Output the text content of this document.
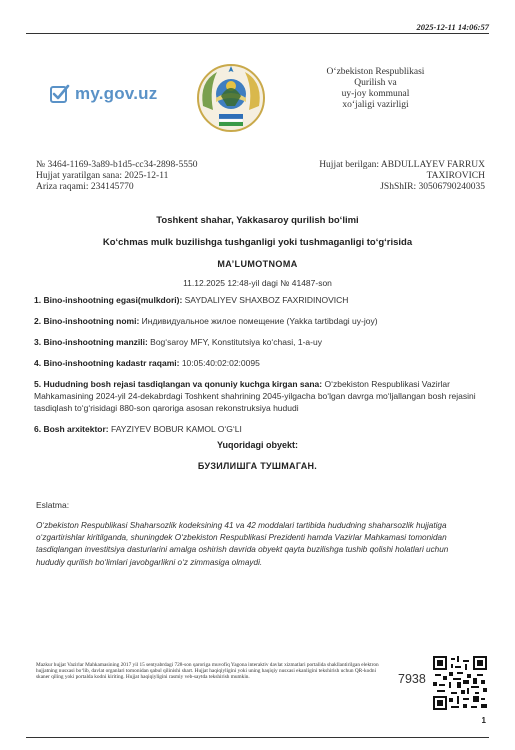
2025-12-11 14:06:57
my.gov.uz
O‘zbekiston Respublikasi
Qurilish va
uy-joy kommunal
xo‘jaligi vazirligi
№ 3464-1169-3a89-b1d5-cc34-2898-5550
Hujjat yaratilgan sana: 2025-12-11
Ariza raqami: 234145770
Hujjat berilgan: ABDULLAYEV FARRUX
TAXIROVICH
JShShIR: 30506790240035
Toshkent shahar, Yakkasaroy qurilish bo‘limi
Ko‘chmas mulk buzilishga tushganligi yoki tushmaganligi to‘g‘risida
MA’LUMOTNOMA
11.12.2025 12:48-yil dagi № 41487-son
1. Bino-inshootning egasi(mulkdori): SAYDALIYEV SHAXBOZ FAXRIDINOVICH
2. Bino-inshootning nomi: Индивидуальное жилое помещение (Yakka tartibdagi uy-joy)
3. Bino-inshootning manzili: Bog‘saroy MFY, Konstitutsiya ko‘chasi, 1-a-uy
4. Bino-inshootning kadastr raqami: 10:05:40:02:02:0095
5. Hududning bosh rejasi tasdiqlangan va qonuniy kuchga kirgan sana: O‘zbekiston Respublikasi Vazirlar Mahkamasining 2024-yil 24-dekabrdagi Toshkent shahrining 2045-yilgacha bo‘lgan davrga mo‘ljallangan bosh rejasini tasdiqlash to‘g‘risidagi 880-son qaroriga asosan rekonstruksiya hududi
6. Bosh arxitektor: FAYZIYEV BOBUR KAMOL O‘G‘LI
Yuqoridagi obyekt:
БУЗИЛИШГА ТУШМАГАН.
Eslatma:
O‘zbekiston Respublikasi Shaharsozlik kodeksining 41 va 42 moddalari tartibida hududning shaharsozlik hujjatiga o‘zgartirishlar kiritilganda, shuningdek O‘zbekiston Respublikasi Prezidenti hamda Vazirlar Mahkamasi tomonidan tasdiqlangan investitsiya dasturlarini amalga oshirish davrida obyekt qayta buzilishga tushib qolishi holatlari uchun hududiy qurilish bo‘limlari javobgarlikni o‘z zimmasiga olmaydi.
Mazkur hujjat Vazirlar Mahkamasining 2017 yil 15 sentyabrdagi 728-son qaroriga muvofiq Yagona interaktiv davlat xizmatlari portalida shakllantirilgan elektron hujjatning nusxasi bo‘lib, davlat organlari tomonidan qabul qilinishi shart. Hujjat haqiqiyligini yoki uning haqiqiy nusxasi ekanligini tekshirish uchun QR-kodni skaner qiling yoki portalda kodni kiriting. Hujjat haqiqiyligini rasmiy veb-saytda tekshirish mumkin.	7938
1
